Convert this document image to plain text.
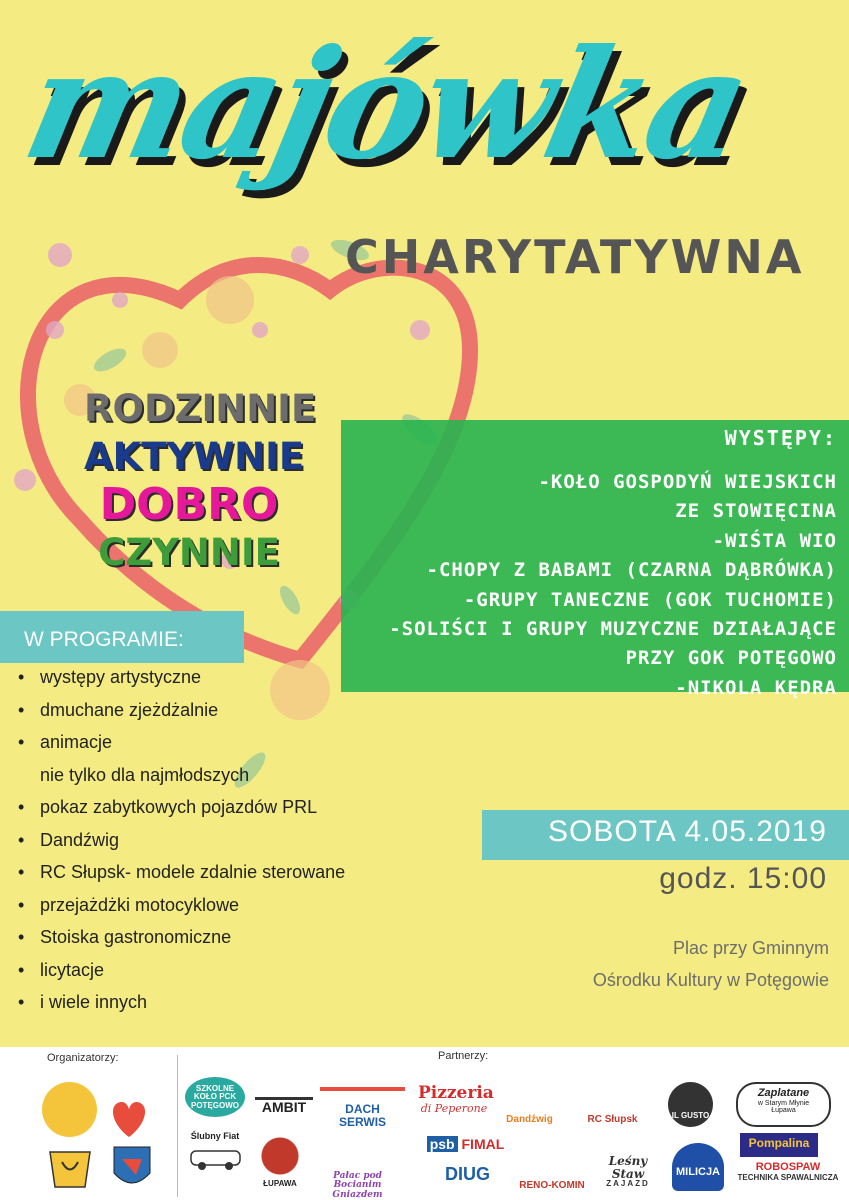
majówka
CHARYTATYWNA
RODZINNIE
AKTYWNIE
DOBRO
CZYNNIE
WYSTĘPY:
-KOŁO GOSPODYŃ WIEJSKICH
ZE STOWIĘCINA
-WIŚTA WIO
-CHOPY Z BABAMI (CZARNA DĄBRÓWKA)
-GRUPY TANECZNE (GOK TUCHOMIE)
-SOLIŚCI I GRUPY MUZYCZNE DZIAŁAJĄCE
PRZY GOK POTĘGOWO
-NIKOLA KĘDRA
W PROGRAMIE:
• występy artystyczne
• dmuchane zjeżdżalnie
• animacje
nie tylko dla najmłodszych
• pokaz zabytkowych pojazdów PRL
• Dandźwig
• RC Słupsk- modele zdalnie sterowane
• przejażdżki motocyklowe
• Stoiska gastronomiczne
• licytacje
• i wiele innych
SOBOTA 4.05.2019
godz. 15:00
Plac przy Gminnym
Ośrodku Kultury w Potęgowie
Organizatorzy:	Partnerzy:
SZKOLNE KOŁO PCK POTĘGOWO	AMBIT	DACH SERWIS
Pizzeria
di Peperone
Dandźwig	RC Słupsk	IL GUSTO
Zaplatane
w Starym Młynie
Łupawa
Ślubny Fiat
ŁUPAWA
Pałac pod Bocianim Gniazdem
psb FIMAL
DIUG
RENO-KOMIN
Leśny Staw
ZAJAZD
MILICJA
Pompalina
ROBOSPAW
TECHNIKA SPAWALNICZA
